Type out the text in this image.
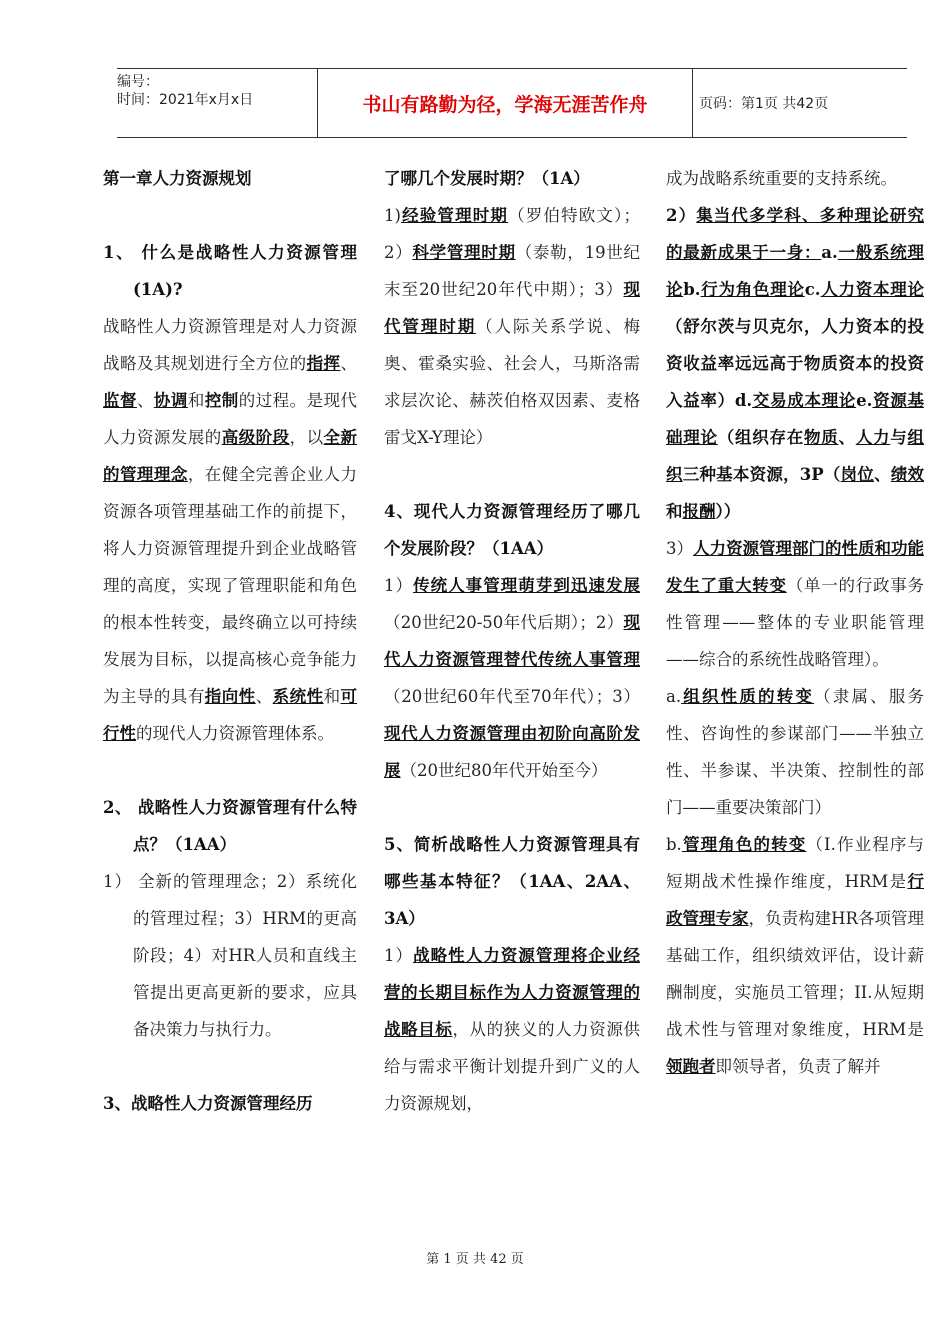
编号：
时间：2021年x月x日	书山有路勤为径，学海无涯苦作舟	页码：第1页 共42页

第一章人力资源规划

1、 什么是战略性人力资源管理(1A)?

战略性人力资源管理是对人力资源战略及其规划进行全方位的指挥、监督、协调和控制的过程。是现代人力资源发展的高级阶段，以全新的管理理念，在健全完善企业人力资源各项管理基础工作的前提下，将人力资源管理提升到企业战略管理的高度，实现了管理职能和角色的根本性转变，最终确立以可持续发展为目标，以提高核心竞争能力为主导的具有指向性、系统性和可行性的现代人力资源管理体系。

2、 战略性人力资源管理有什么特点？（1AA）

1） 全新的管理理念；2）系统化的管理过程；3）HRM的更高阶段；4）对HR人员和直线主管提出更高更新的要求，应具备决策力与执行力。

3、战略性人力资源管理经历

了哪几个发展时期？（1A）

1)经验管理时期（罗伯特欧文）；2）科学管理时期（泰勒，19世纪末至20世纪20年代中期）；3）现代管理时期（人际关系学说、梅奥、霍桑实验、社会人，马斯洛需求层次论、赫茨伯格双因素、麦格雷戈X-Y理论）

4、现代人力资源管理经历了哪几个发展阶段？（1AA）

1）传统人事管理萌芽到迅速发展（20世纪20-50年代后期）；2）现代人力资源管理替代传统人事管理（20世纪60年代至70年代）；3）现代人力资源管理由初阶向高阶发展（20世纪80年代开始至今）

5、简析战略性人力资源管理具有哪些基本特征？（1AA、2AA、3A）

1）战略性人力资源管理将企业经营的长期目标作为人力资源管理的战略目标，从的狭义的人力资源供给与需求平衡计划提升到广义的人力资源规划，

成为战略系统重要的支持系统。

2）集当代多学科、多种理论研究的最新成果于一身：a.一般系统理论b.行为角色理论c.人力资本理论（舒尔茨与贝克尔，人力资本的投资收益率远远高于物质资本的投资入益率）d.交易成本理论e.资源基础理论（组织存在物质、人力与组织三种基本资源，3P（岗位、绩效和报酬））

3）人力资源管理部门的性质和功能发生了重大转变（单一的行政事务性管理——整体的专业职能管理——综合的系统性战略管理）。

a.组织性质的转变（隶属、服务性、咨询性的参谋部门——半独立性、半参谋、半决策、控制性的部门——重要决策部门）

b.管理角色的转变（I.作业程序与短期战术性操作维度，HRM是行政管理专家，负责构建HR各项管理基础工作，组织绩效评估，设计薪酬制度，实施员工管理；II.从短期战术性与管理对象维度，HRM是领跑者即领导者，负责了解并

第 1 页 共 42 页
